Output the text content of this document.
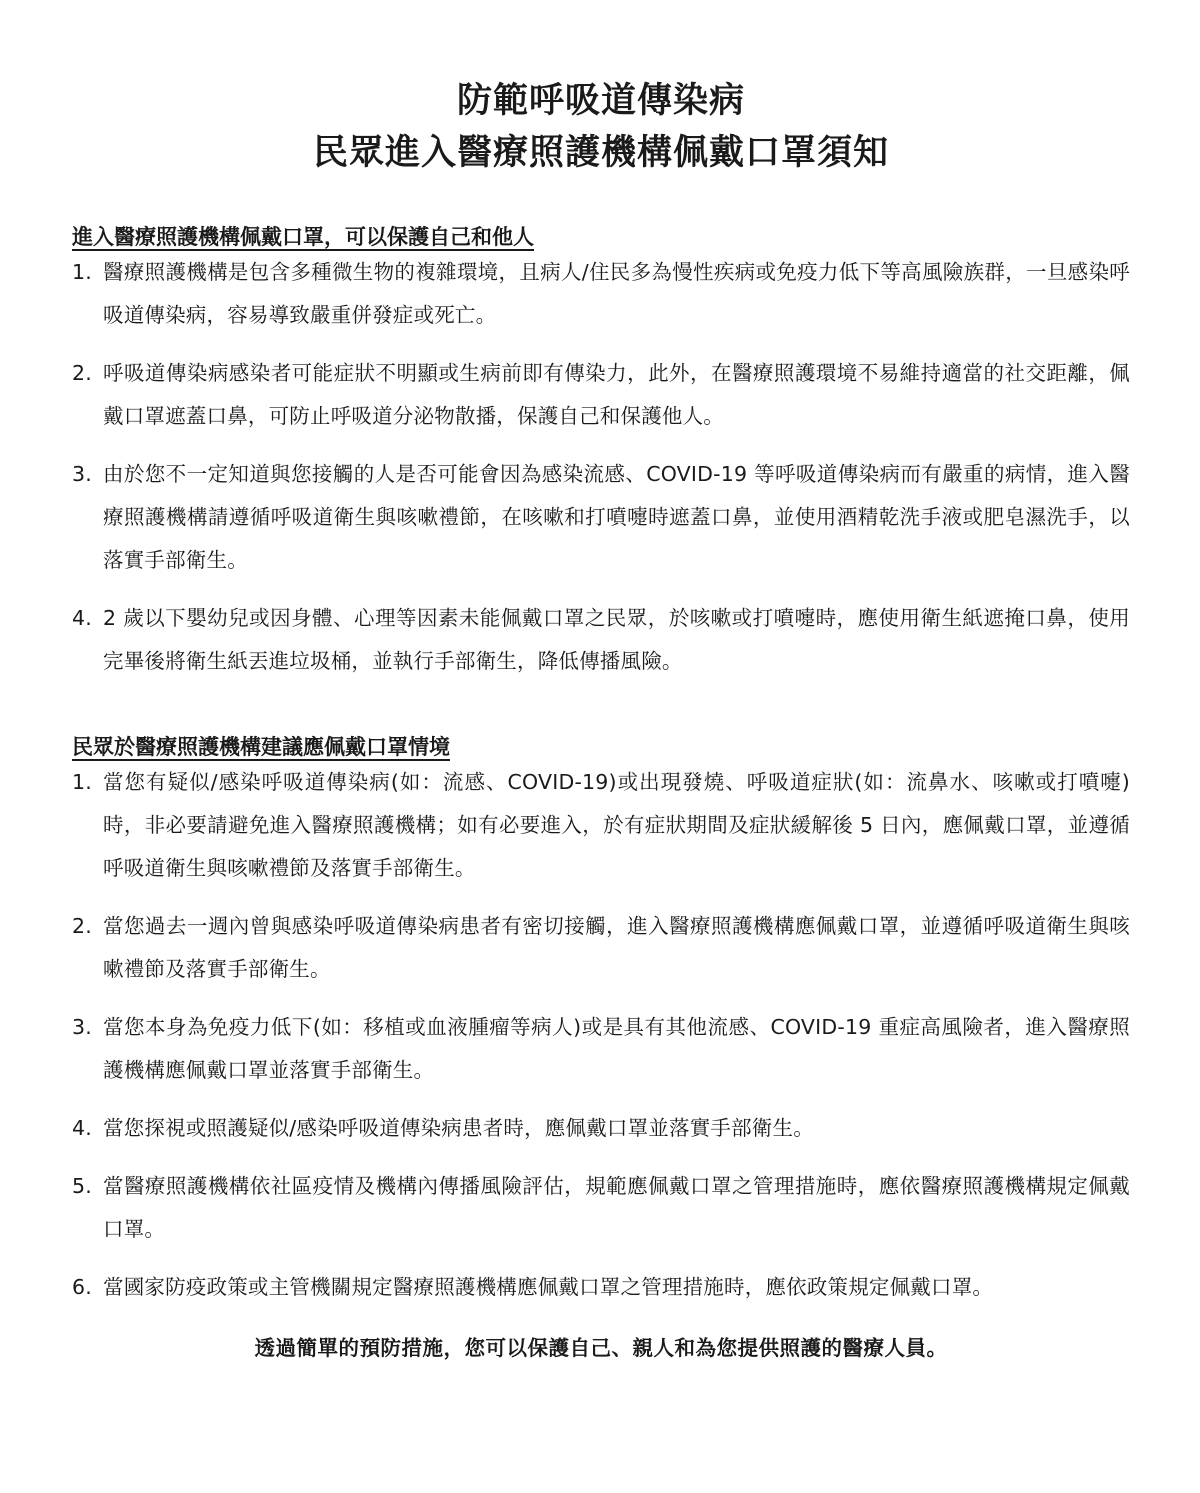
防範呼吸道傳染病
民眾進入醫療照護機構佩戴口罩須知
進入醫療照護機構佩戴口罩，可以保護自己和他人
1. 醫療照護機構是包含多種微生物的複雜環境，且病人/住民多為慢性疾病或免疫力低下等高風險族群，一旦感染呼吸道傳染病，容易導致嚴重併發症或死亡。
2. 呼吸道傳染病感染者可能症狀不明顯或生病前即有傳染力，此外，在醫療照護環境不易維持適當的社交距離，佩戴口罩遮蓋口鼻，可防止呼吸道分泌物散播，保護自己和保護他人。
3. 由於您不一定知道與您接觸的人是否可能會因為感染流感、COVID-19 等呼吸道傳染病而有嚴重的病情，進入醫療照護機構請遵循呼吸道衛生與咳嗽禮節，在咳嗽和打噴嚏時遮蓋口鼻，並使用酒精乾洗手液或肥皂濕洗手，以落實手部衛生。
4. 2 歲以下嬰幼兒或因身體、心理等因素未能佩戴口罩之民眾，於咳嗽或打噴嚏時，應使用衛生紙遮掩口鼻，使用完畢後將衛生紙丟進垃圾桶，並執行手部衛生，降低傳播風險。
民眾於醫療照護機構建議應佩戴口罩情境
1. 當您有疑似/感染呼吸道傳染病(如：流感、COVID-19)或出現發燒、呼吸道症狀(如：流鼻水、咳嗽或打噴嚏)時，非必要請避免進入醫療照護機構；如有必要進入，於有症狀期間及症狀緩解後 5 日內，應佩戴口罩，並遵循呼吸道衛生與咳嗽禮節及落實手部衛生。
2. 當您過去一週內曾與感染呼吸道傳染病患者有密切接觸，進入醫療照護機構應佩戴口罩，並遵循呼吸道衛生與咳嗽禮節及落實手部衛生。
3. 當您本身為免疫力低下(如：移植或血液腫瘤等病人)或是具有其他流感、COVID-19 重症高風險者，進入醫療照護機構應佩戴口罩並落實手部衛生。
4. 當您探視或照護疑似/感染呼吸道傳染病患者時，應佩戴口罩並落實手部衛生。
5. 當醫療照護機構依社區疫情及機構內傳播風險評估，規範應佩戴口罩之管理措施時，應依醫療照護機構規定佩戴口罩。
6. 當國家防疫政策或主管機關規定醫療照護機構應佩戴口罩之管理措施時，應依政策規定佩戴口罩。

透過簡單的預防措施，您可以保護自己、親人和為您提供照護的醫療人員。
